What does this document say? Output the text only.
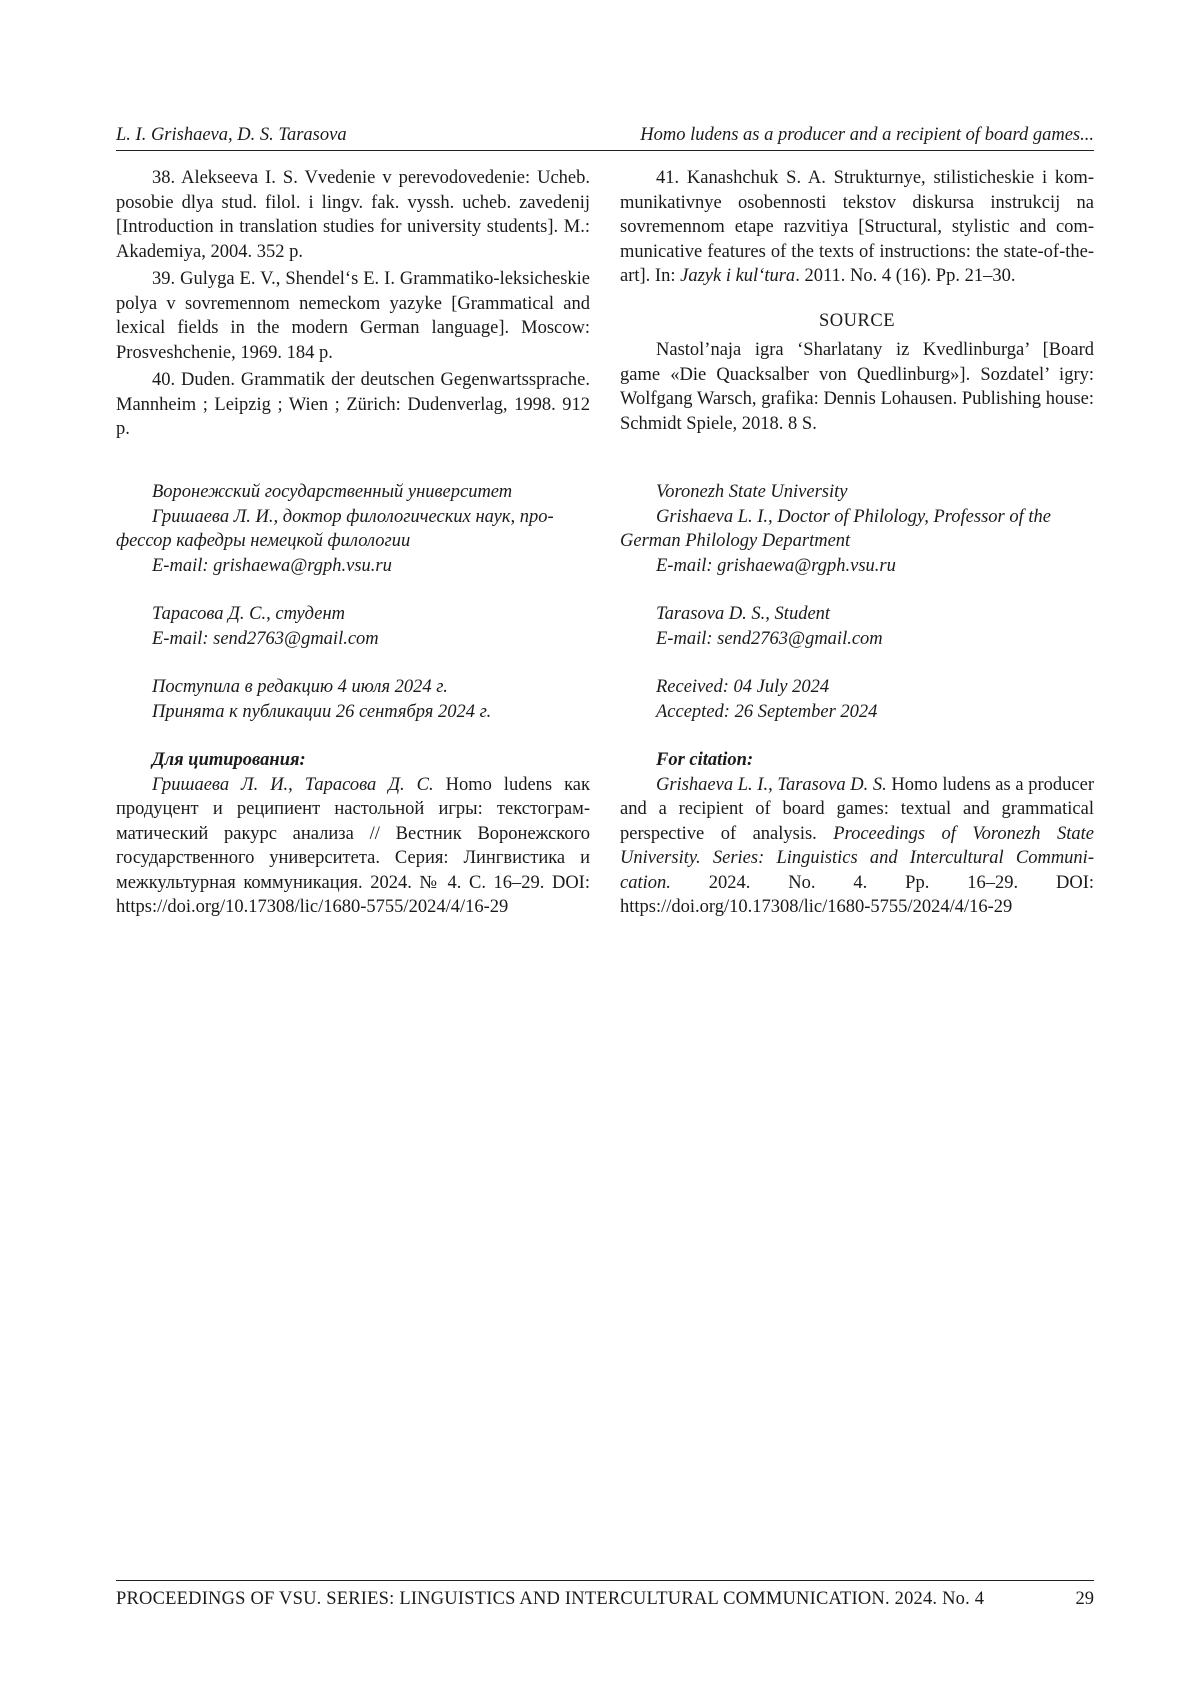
L. I. Grishaeva, D. S. Tarasova	Homo ludens as a producer and a recipient of board games...

38. Alekseeva I. S. Vvedenie v perevodovedenie: Ucheb. posobie dlya stud. filol. i lingv. fak. vyssh. ucheb. zavedenij [Introduction in translation studies for university students]. M.: Akademiya, 2004. 352 p.

39. Gulyga E. V., Shendel‘s E. I. Grammatiko-leksi­cheskie polya v sovremennom nemeckom yazyke [Gram­matical and lexical fields in the modern German language]. Moscow: Prosveshchenie, 1969. 184 p.

40. Duden. Grammatik der deutschen Gegenwartssprache. Mannheim ; Leipzig ; Wien ; Zürich: Dudenverlag, 1998. 912 p.

41. Kanashchuk S. A. Strukturnye, stilisticheskie i kom­munikativnye osobennosti tekstov diskursa instrukcij na sovremennom etape razvitiya [Structural, stylistic and com­municative features of the texts of instructions: the state-of-the-art]. In: Jazyk i kul‘tura. 2011. No. 4 (16). Pp. 21–30.

SOURCE

Nastol’naja igra ‘Sharlatany iz Kvedlinburga’ [Board game «Die Quacksalber von Quedlinburg»]. Sozdatel’ igry: Wolfgang Warsch, grafika: Dennis Lohausen. Publishing house: Schmidt Spiele, 2018. 8 S.

Воронежский государственный университет

Гришаева Л. И., доктор филологических наук, про­фессор кафедры немецкой филологии

E-mail: grishaewa@rgph.vsu.ru

Тарасова Д. С., студент

E-mail: send2763@gmail.com

Поступила в редакцию 4 июля 2024 г.

Принята к публикации 26 сентября 2024 г.

Для цитирования:

Гришаева Л. И., Тарасова Д. С. Homo ludens как продуцент и реципиент настольной игры: текстограм­матический ракурс анализа // Вестник Воронежского государственного университета. Серия: Лингвистика и межкультурная коммуникация. 2024. № 4. С. 16–29. DOI: https://doi.org/10.17308/lic/1680-5755/2024/4/16-29

Voronezh State University

Grishaeva L. I., Doctor of Philology, Professor of the German Philology Department

E-mail: grishaewa@rgph.vsu.ru

Tarasova D. S., Student

E-mail: send2763@gmail.com

Received: 04 July 2024

Accepted: 26 September 2024

For citation:

Grishaeva L. I., Tarasova D. S. Homo ludens as a pro­ducer and a recipient of board games: textual and gramma­tical perspective of analysis. Proceedings of Voronezh State University. Series: Linguistics and Intercultural Communi­cation. 2024. No. 4. Pp. 16–29. DOI: https://doi.org/10.17308/lic/1680-5755/2024/4/16-29

PROCEEDINGS OF VSU. SERIES: LINGUISTICS AND INTERCULTURAL COMMUNICATION. 2024. No. 4	29
